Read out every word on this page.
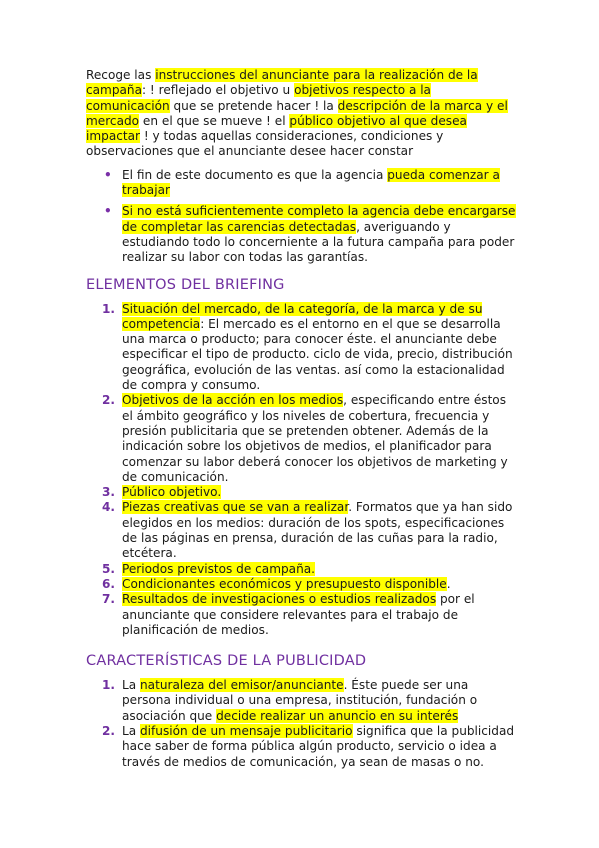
Recoge las instrucciones del anunciante para la realización de la campaña: ! reflejado el objetivo u objetivos respecto a la comunicación que se pretende hacer ! la descripción de la marca y el mercado en el que se mueve ! el público objetivo al que desea impactar ! y todas aquellas consideraciones, condiciones y observaciones que el anunciante desee hacer constar

• El fin de este documento es que la agencia pueda comenzar a trabajar
• Si no está suficientemente completo la agencia debe encargarse de completar las carencias detectadas, averiguando y estudiando todo lo concerniente a la futura campaña para poder realizar su labor con todas las garantías.
ELEMENTOS DEL BRIEFING
1. Situación del mercado, de la categoría, de la marca y de su competencia: El mercado es el entorno en el que se desarrolla una marca o producto; para conocer éste. el anunciante debe especificar el tipo de producto. ciclo de vida, precio, distribución geográfica, evolución de las ventas. así como la estacionalidad de compra y consumo.
2. Objetivos de la acción en los medios, especificando entre éstos el ámbito geográfico y los niveles de cobertura, frecuencia y presión publicitaria que se pretenden obtener. Además de la indicación sobre los objetivos de medios, el planificador para comenzar su labor deberá conocer los objetivos de marketing y de comunicación.
3. Público objetivo.
4. Piezas creativas que se van a realizar. Formatos que ya han sido elegidos en los medios: duración de los spots, especificaciones de las páginas en prensa, duración de las cuñas para la radio, etcétera.
5. Periodos previstos de campaña.
6. Condicionantes económicos y presupuesto disponible.
7. Resultados de investigaciones o estudios realizados por el anunciante que considere relevantes para el trabajo de planificación de medios.
CARACTERÍSTICAS DE LA PUBLICIDAD
1. La naturaleza del emisor/anunciante. Éste puede ser una persona individual o una empresa, institución, fundación o asociación que decide realizar un anuncio en su interés
2. La difusión de un mensaje publicitario significa que la publicidad hace saber de forma pública algún producto, servicio o idea a través de medios de comunicación, ya sean de masas o no.
